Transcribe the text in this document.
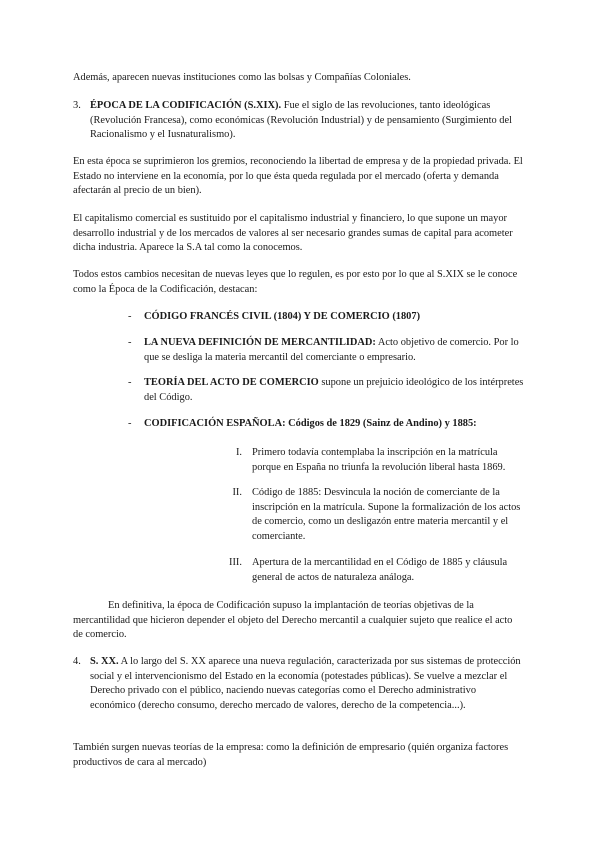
Además, aparecen nuevas instituciones como las bolsas y Compañías Coloniales.

3. ÉPOCA DE LA CODIFICACIÓN (S.XIX). Fue el siglo de las revoluciones, tanto ideológicas (Revolución Francesa), como económicas (Revolución Industrial) y de pensamiento (Surgimiento del Racionalismo y el Iusnaturalismo).

En esta época se suprimieron los gremios, reconociendo la libertad de empresa y de la propiedad privada. El Estado no interviene en la economía, por lo que ésta queda regulada por el mercado (oferta y demanda afectarán al precio de un bien).

El capitalismo comercial es sustituido por el capitalismo industrial y financiero, lo que supone un mayor desarrollo industrial y de los mercados de valores al ser necesario grandes sumas de capital para acometer dicha industria. Aparece la S.A tal como la conocemos.

Todos estos cambios necesitan de nuevas leyes que lo regulen, es por esto por lo que al S.XIX se le conoce como la Época de la Codificación, destacan:

- CÓDIGO FRANCÉS CIVIL (1804) Y DE COMERCIO (1807)

- LA NUEVA DEFINICIÓN DE MERCANTILIDAD: Acto objetivo de comercio. Por lo que se desliga la materia mercantil del comerciante o empresario.

- TEORÍA DEL ACTO DE COMERCIO supone un prejuicio ideológico de los intérpretes del Código.

- CODIFICACIÓN ESPAÑOLA: Códigos de 1829 (Sainz de Andino) y 1885:

I. Primero todavía contemplaba la inscripción en la matrícula porque en España no triunfa la revolución liberal hasta 1869.

II. Código de 1885: Desvincula la noción de comerciante de la inscripción en la matrícula. Supone la formalización de los actos de comercio, como un desligazón entre materia mercantil y el comerciante.

III. Apertura de la mercantilidad en el Código de 1885 y cláusula general de actos de naturaleza análoga.

En definitiva, la época de Codificación supuso la implantación de teorías objetivas de la mercantilidad que hicieron depender el objeto del Derecho mercantil a cualquier sujeto que realice el acto de comercio.

4. S. XX. A lo largo del S. XX aparece una nueva regulación, caracterizada por sus sistemas de protección social y el intervencionismo del Estado en la economía (potestades públicas). Se vuelve a mezclar el Derecho privado con el público, naciendo nuevas categorías como el Derecho administrativo económico (derecho consumo, derecho mercado de valores, derecho de la competencia...).

También surgen nuevas teorías de la empresa: como la definición de empresario (quién organiza factores productivos de cara al mercado)
